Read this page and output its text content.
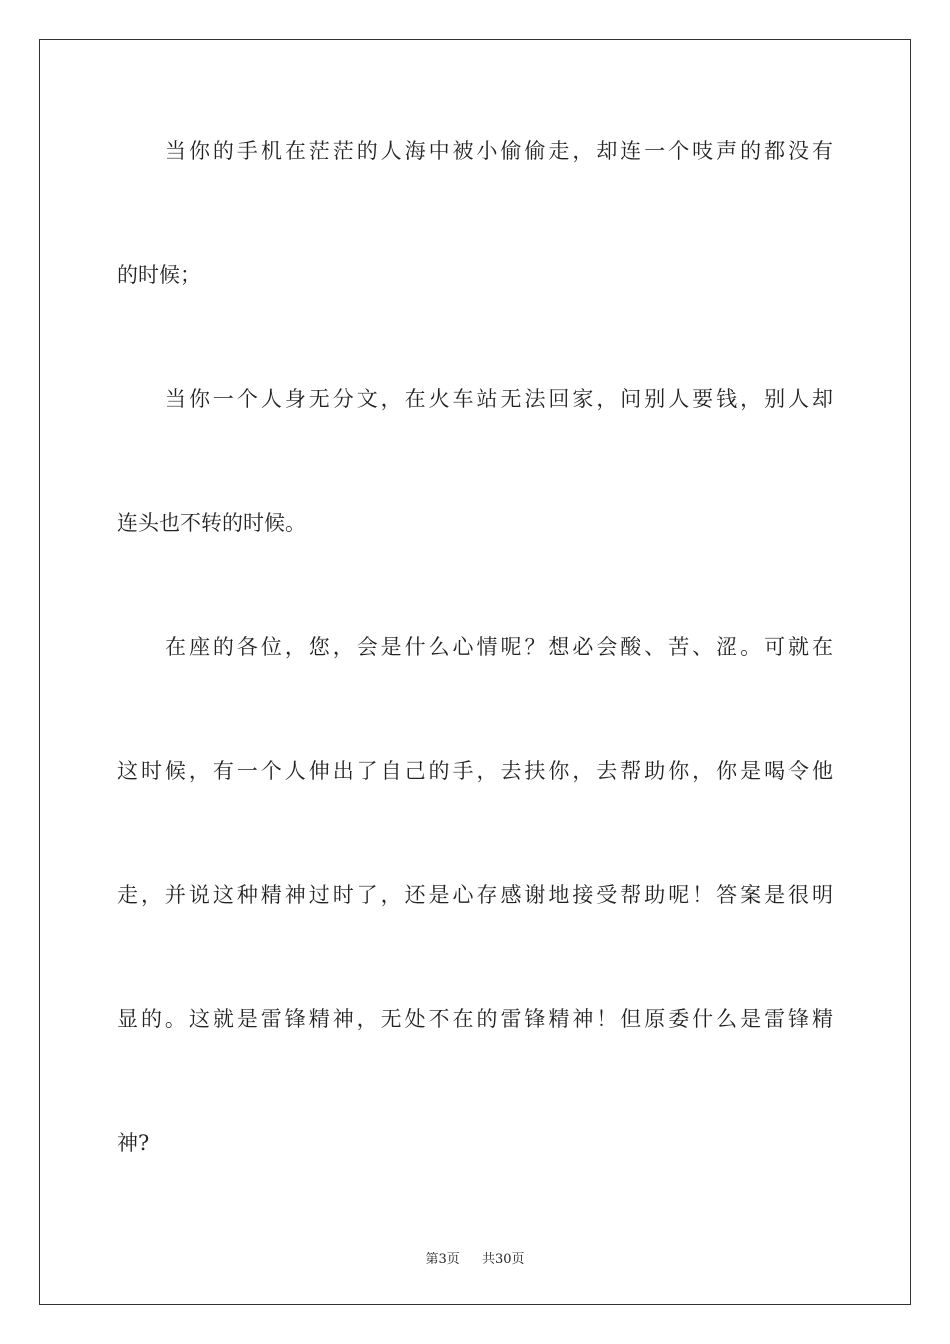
当你的手机在茫茫的人海中被小偷偷走，却连一个吱声的都没有
的时候；
当你一个人身无分文，在火车站无法回家，问别人要钱，别人却
连头也不转的时候。
在座的各位，您，会是什么心情呢？想必会酸、苦、涩。可就在
这时候，有一个人伸出了自己的手，去扶你，去帮助你，你是喝令他
走，并说这种精神过时了，还是心存感谢地接受帮助呢！答案是很明
显的。这就是雷锋精神，无处不在的雷锋精神！但原委什么是雷锋精
神?
第3页 共30页
